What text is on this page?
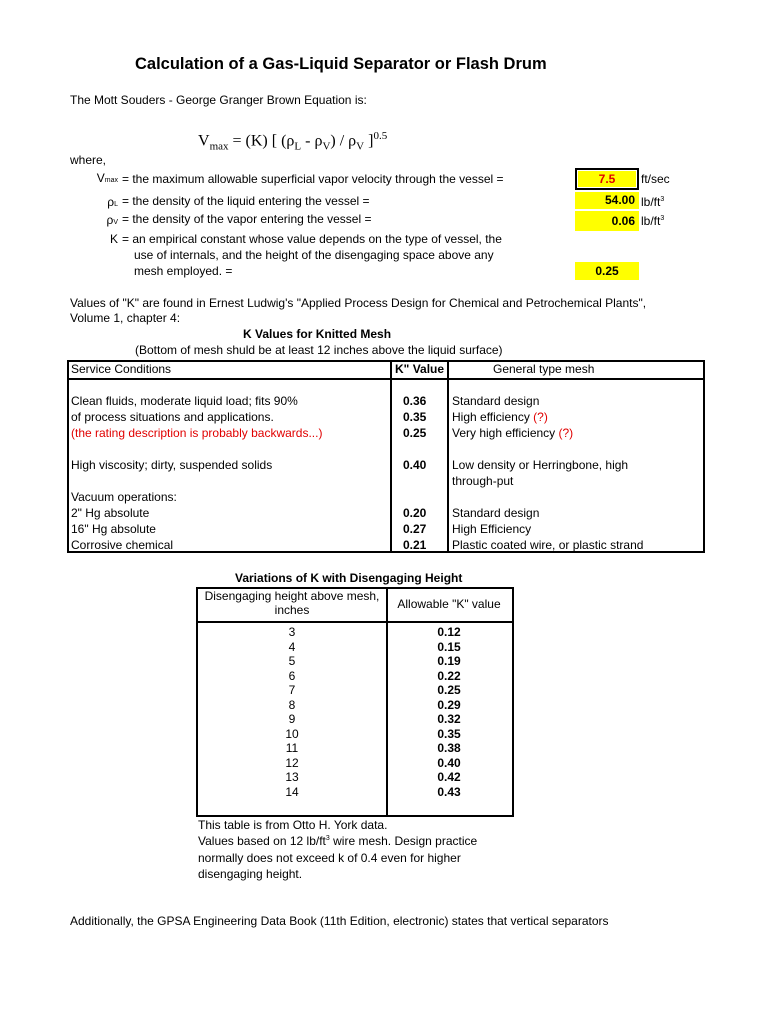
Calculation of a Gas-Liquid Separator or Flash Drum
The Mott Souders - George Granger Brown Equation is:
$V_{max} = (K)$ [ $(\rho_L - \rho_V) / \rho_V$ ]$^{0.5}$
where,
Vmax = the maximum allowable superficial vapor velocity through the vessel =	7.5	ft/sec
ρL = the density of the liquid entering the vessel =	54.00 $lb/ft^3$
ρV = the density of the vapor entering the vessel =	0.06 $lb/ft^3$
K = an empirical constant whose value depends on the type of vessel, the
use of internals, and the height of the disengaging space above any
mesh employed. =	0.25
Values of "K" are found in Ernest Ludwig's "Applied Process Design for Chemical and Petrochemical Plants",
Volume 1, chapter 4:
K Values for Knitted Mesh
(Bottom of mesh shuld be at least 12 inches above the liquid surface)
Service Conditions	K" Value	General type mesh
Clean fluids, moderate liquid load; fits 90%	0.36 Standard design
of process situations and applications.	0.35 High efficiency (?)
(the rating description is probably backwards...)	0.25 Very high efficiency (?)
High viscosity; dirty, suspended solids	0.40 Low density or Herringbone, high
through-put
Vacuum operations:
2" Hg absolute	0.20 Standard design
16" Hg absolute	0.27 High Efficiency
Corrosive chemical	0.21 Plastic coated wire, or plastic strand
Variations of K with Disengaging Height
Disengaging height above mesh,
inches	Allowable "K" value
3	0.12
4	0.15
5	0.19
6	0.22
7	0.25
8	0.29
9	0.32
10	0.35
11	0.38
12	0.40
13	0.42
14	0.43
This table is from Otto H. York data.
Values based on 12 $lb/ft^3$ wire mesh. Design practice
normally does not exceed k of 0.4 even for higher
disengaging height.
Additionally, the GPSA Engineering Data Book (11th Edition, electronic) states that vertical separators
